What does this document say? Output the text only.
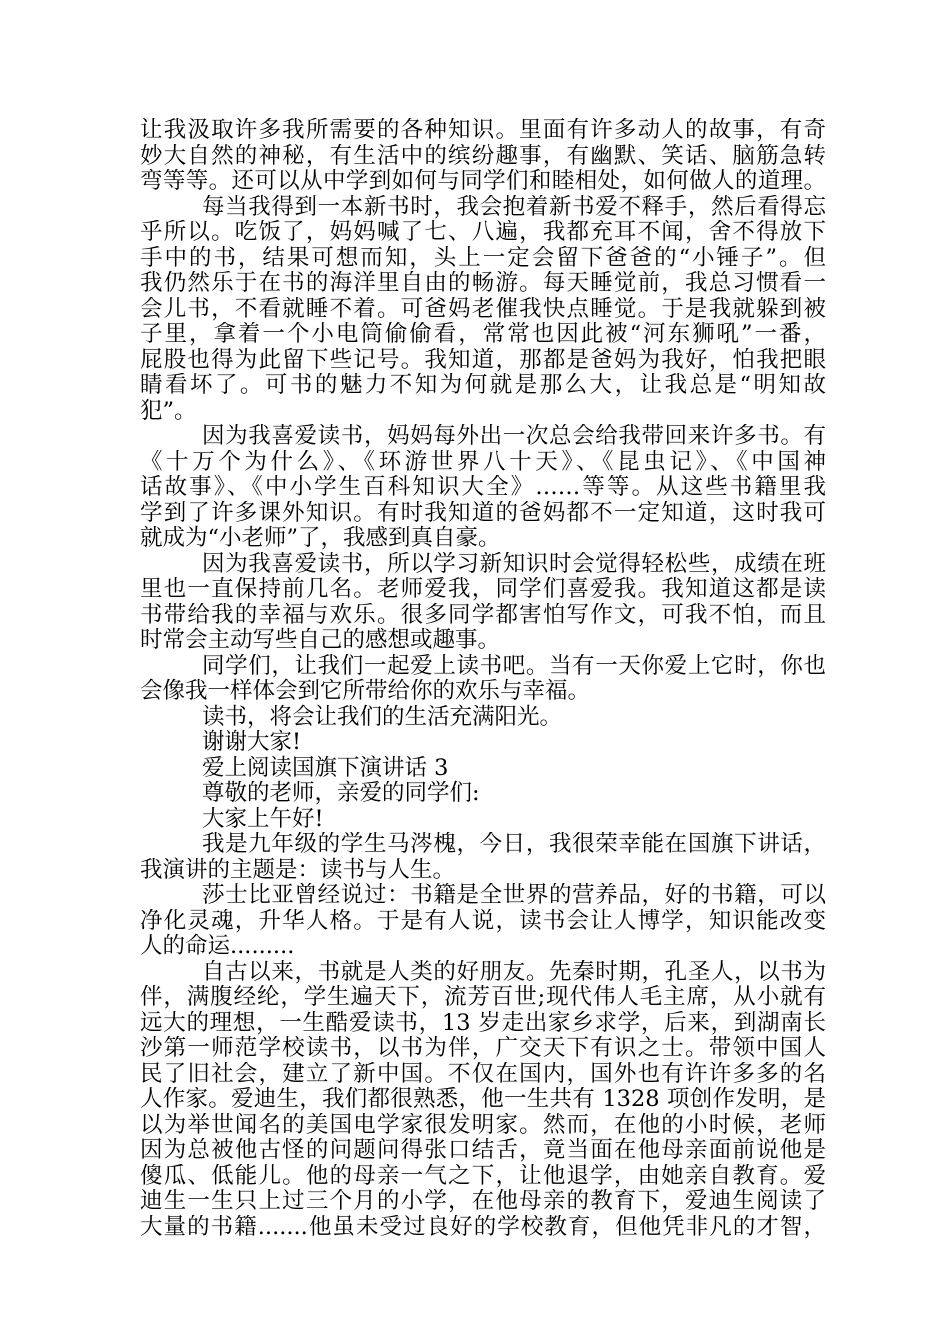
让我汲取许多我所需要的各种知识。里面有许多动人的故事，有奇
妙大自然的神秘，有生活中的缤纷趣事，有幽默、笑话、脑筋急转
弯等等。还可以从中学到如何与同学们和睦相处，如何做人的道理。
每当我得到一本新书时，我会抱着新书爱不释手，然后看得忘
乎所以。吃饭了，妈妈喊了七、八遍，我都充耳不闻，舍不得放下
手中的书，结果可想而知，头上一定会留下爸爸的“小锤子”。但
我仍然乐于在书的海洋里自由的畅游。每天睡觉前，我总习惯看一
会儿书，不看就睡不着。可爸妈老催我快点睡觉。于是我就躲到被
子里，拿着一个小电筒偷偷看，常常也因此被“河东狮吼”一番，
屁股也得为此留下些记号。我知道，那都是爸妈为我好，怕我把眼
睛看坏了。可书的魅力不知为何就是那么大，让我总是“明知故
犯”。
因为我喜爱读书，妈妈每外出一次总会给我带回来许多书。有
《十万个为什么》、《环游世界八十天》、《昆虫记》、《中国神
话故事》、《中小学生百科知识大全》……等等。从这些书籍里我
学到了许多课外知识。有时我知道的爸妈都不一定知道，这时我可
就成为“小老师”了，我感到真自豪。
因为我喜爱读书，所以学习新知识时会觉得轻松些，成绩在班
里也一直保持前几名。老师爱我，同学们喜爱我。我知道这都是读
书带给我的幸福与欢乐。很多同学都害怕写作文，可我不怕，而且
时常会主动写些自己的感想或趣事。
同学们，让我们一起爱上读书吧。当有一天你爱上它时，你也
会像我一样体会到它所带给你的欢乐与幸福。
读书，将会让我们的生活充满阳光。
谢谢大家!
爱上阅读国旗下演讲话 3
尊敬的老师，亲爱的同学们:
大家上午好!
我是九年级的学生马涔槐，今日，我很荣幸能在国旗下讲话，
我演讲的主题是：读书与人生。
莎士比亚曾经说过：书籍是全世界的营养品，好的书籍，可以
净化灵魂，升华人格。于是有人说，读书会让人博学，知识能改变
人的命运.........
自古以来，书就是人类的好朋友。先秦时期，孔圣人，以书为
伴，满腹经纶，学生遍天下，流芳百世;现代伟人毛主席，从小就有
远大的理想，一生酷爱读书，13 岁走出家乡求学，后来，到湖南长
沙第一师范学校读书，以书为伴，广交天下有识之士。带领中国人
民了旧社会，建立了新中国。不仅在国内，国外也有许许多多的名
人作家。爱迪生，我们都很熟悉，他一生共有 1328 项创作发明，是
以为举世闻名的美国电学家很发明家。然而，在他的小时候，老师
因为总被他古怪的问题问得张口结舌，竟当面在他母亲面前说他是
傻瓜、低能儿。他的母亲一气之下，让他退学，由她亲自教育。爱
迪生一生只上过三个月的小学，在他母亲的教育下，爱迪生阅读了
大量的书籍.......他虽未受过良好的学校教育，但他凭非凡的才智，
